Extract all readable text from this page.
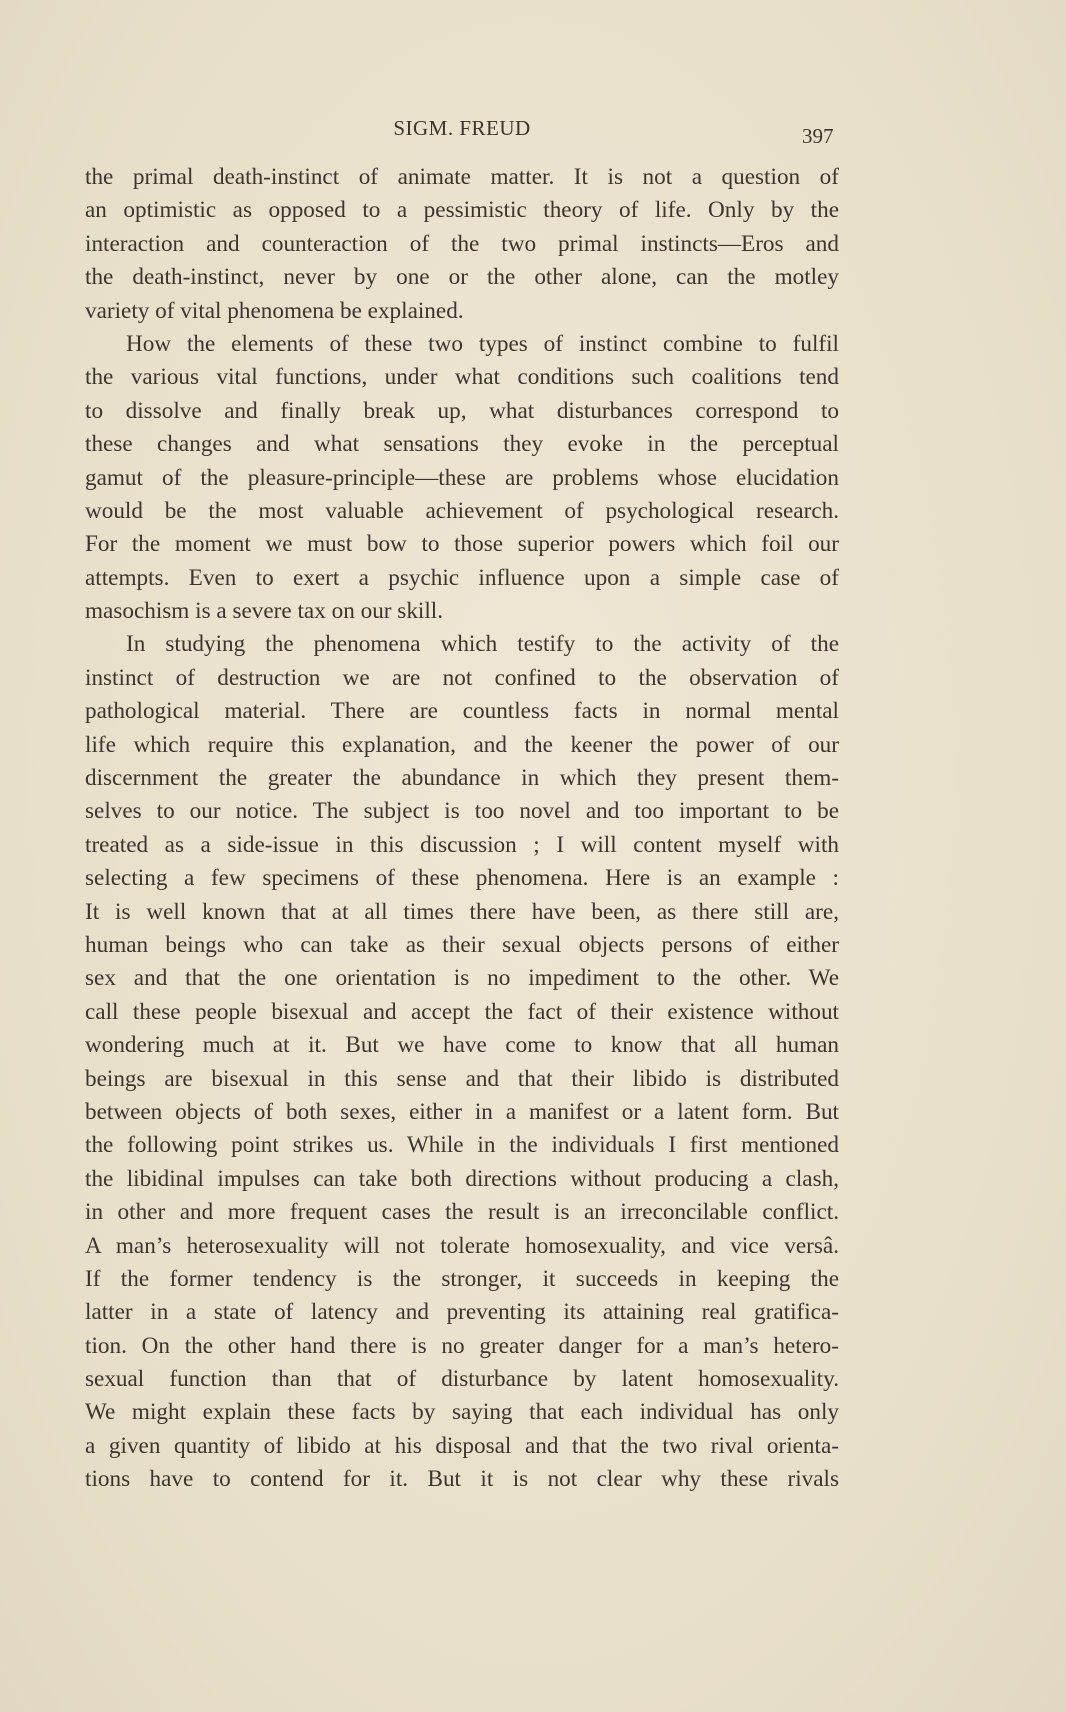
SIGM. FREUD	397
the primal death-instinct of animate matter. It is not a question of
an optimistic as opposed to a pessimistic theory of life. Only by the
interaction and counteraction of the two primal instincts—Eros and
the death-instinct, never by one or the other alone, can the motley
variety of vital phenomena be explained.
How the elements of these two types of instinct combine to fulfil
the various vital functions, under what conditions such coalitions tend
to dissolve and finally break up, what disturbances correspond to
these changes and what sensations they evoke in the perceptual
gamut of the pleasure-principle—these are problems whose elucidation
would be the most valuable achievement of psychological research.
For the moment we must bow to those superior powers which foil our
attempts. Even to exert a psychic influence upon a simple case of
masochism is a severe tax on our skill.
In studying the phenomena which testify to the activity of the
instinct of destruction we are not confined to the observation of
pathological material. There are countless facts in normal mental
life which require this explanation, and the keener the power of our
discernment the greater the abundance in which they present them-
selves to our notice. The subject is too novel and too important to be
treated as a side-issue in this discussion ; I will content myself with
selecting a few specimens of these phenomena. Here is an example :
It is well known that at all times there have been, as there still are,
human beings who can take as their sexual objects persons of either
sex and that the one orientation is no impediment to the other. We
call these people bisexual and accept the fact of their existence without
wondering much at it. But we have come to know that all human
beings are bisexual in this sense and that their libido is distributed
between objects of both sexes, either in a manifest or a latent form. But
the following point strikes us. While in the individuals I first mentioned
the libidinal impulses can take both directions without producing a clash,
in other and more frequent cases the result is an irreconcilable conflict.
A man’s heterosexuality will not tolerate homosexuality, and vice versâ.
If the former tendency is the stronger, it succeeds in keeping the
latter in a state of latency and preventing its attaining real gratifica-
tion. On the other hand there is no greater danger for a man’s hetero-
sexual function than that of disturbance by latent homosexuality.
We might explain these facts by saying that each individual has only
a given quantity of libido at his disposal and that the two rival orienta-
tions have to contend for it. But it is not clear why these rivals
